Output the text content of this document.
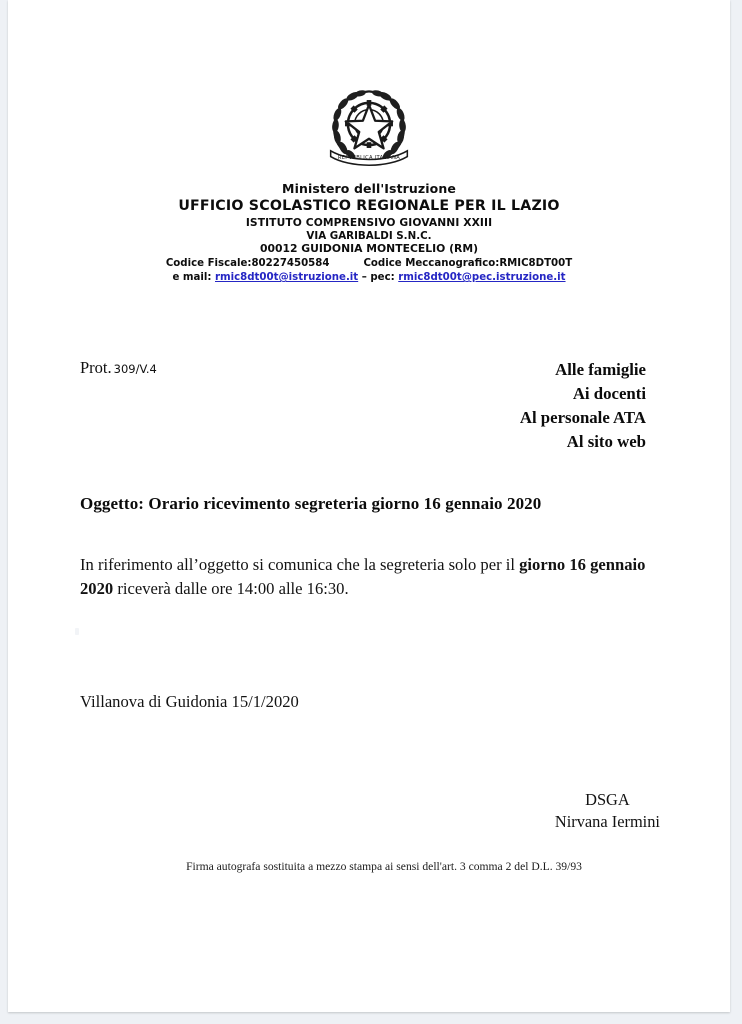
REPVBBLICA ITALIANA
Ministero dell'Istruzione
UFFICIO SCOLASTICO REGIONALE PER IL LAZIO
ISTITUTO COMPRENSIVO GIOVANNI XXIII
VIA GARIBALDI S.N.C.
00012 GUIDONIA MONTECELIO (RM)
Codice Fiscale:80227450584	Codice Meccanografico:RMIC8DT00T
e mail: rmic8dt00t@istruzione.it – pec: rmic8dt00t@pec.istruzione.it
Prot. 309/V.4	Alle famiglie
Ai docenti
Al personale ATA
Al sito web
Oggetto: Orario ricevimento segreteria giorno 16 gennaio 2020
In riferimento all’oggetto si comunica che la segreteria solo per il giorno 16 gennaio 2020 riceverà dalle ore 14:00 alle 16:30.
Villanova di Guidonia 15/1/2020
DSGA
Nirvana Iermini
Firma autografa sostituita a mezzo stampa ai sensi dell'art. 3 comma 2 del D.L. 39/93
